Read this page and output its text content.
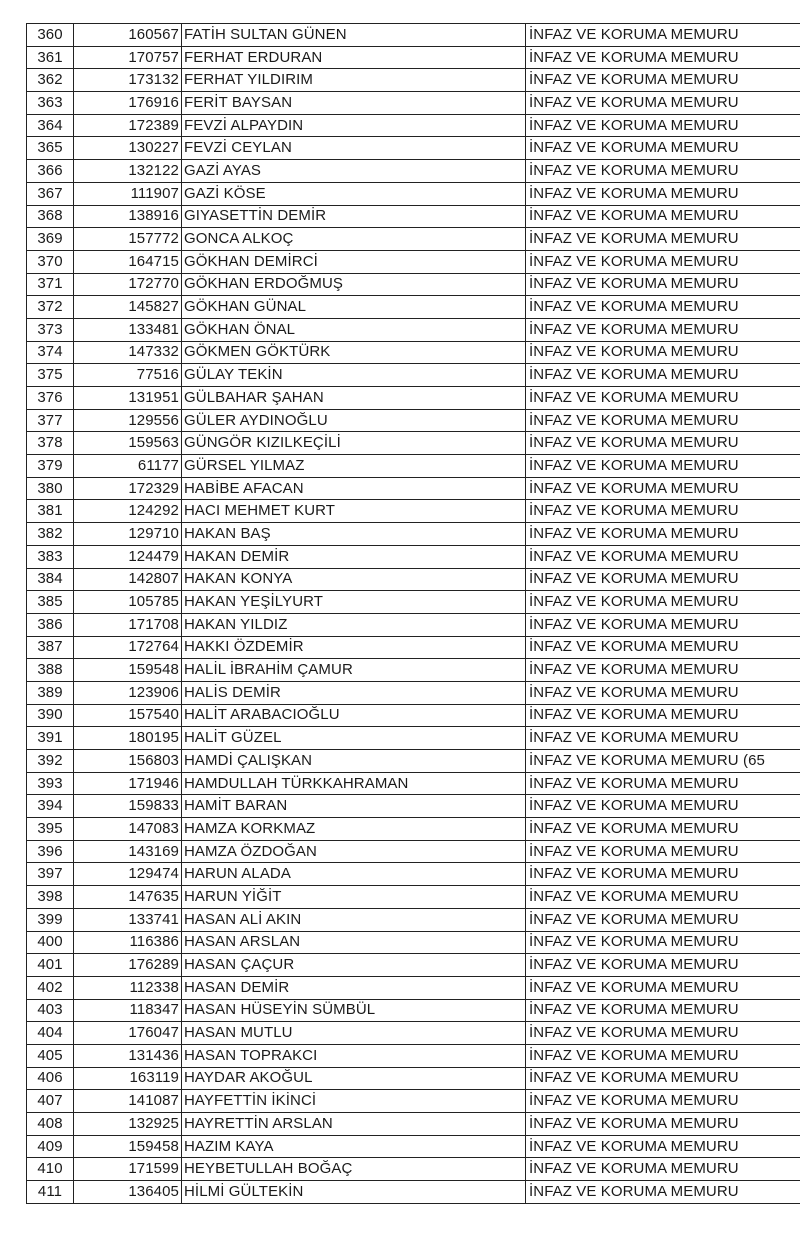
360	160567	FATİH SULTAN GÜNEN	İNFAZ VE KORUMA MEMURU
361	170757	FERHAT ERDURAN	İNFAZ VE KORUMA MEMURU
362	173132	FERHAT YILDIRIM	İNFAZ VE KORUMA MEMURU
363	176916	FERİT BAYSAN	İNFAZ VE KORUMA MEMURU
364	172389	FEVZİ ALPAYDIN	İNFAZ VE KORUMA MEMURU
365	130227	FEVZİ CEYLAN	İNFAZ VE KORUMA MEMURU
366	132122	GAZİ AYAS	İNFAZ VE KORUMA MEMURU
367	111907	GAZİ KÖSE	İNFAZ VE KORUMA MEMURU
368	138916	GIYASETTİN DEMİR	İNFAZ VE KORUMA MEMURU
369	157772	GONCA ALKOÇ	İNFAZ VE KORUMA MEMURU
370	164715	GÖKHAN DEMİRCİ	İNFAZ VE KORUMA MEMURU
371	172770	GÖKHAN ERDOĞMUŞ	İNFAZ VE KORUMA MEMURU
372	145827	GÖKHAN GÜNAL	İNFAZ VE KORUMA MEMURU
373	133481	GÖKHAN ÖNAL	İNFAZ VE KORUMA MEMURU
374	147332	GÖKMEN GÖKTÜRK	İNFAZ VE KORUMA MEMURU
375	77516	GÜLAY TEKİN	İNFAZ VE KORUMA MEMURU
376	131951	GÜLBAHAR ŞAHAN	İNFAZ VE KORUMA MEMURU
377	129556	GÜLER AYDINOĞLU	İNFAZ VE KORUMA MEMURU
378	159563	GÜNGÖR KIZILKEÇİLİ	İNFAZ VE KORUMA MEMURU
379	61177	GÜRSEL YILMAZ	İNFAZ VE KORUMA MEMURU
380	172329	HABİBE AFACAN	İNFAZ VE KORUMA MEMURU
381	124292	HACI MEHMET KURT	İNFAZ VE KORUMA MEMURU
382	129710	HAKAN BAŞ	İNFAZ VE KORUMA MEMURU
383	124479	HAKAN DEMİR	İNFAZ VE KORUMA MEMURU
384	142807	HAKAN KONYA	İNFAZ VE KORUMA MEMURU
385	105785	HAKAN YEŞİLYURT	İNFAZ VE KORUMA MEMURU
386	171708	HAKAN YILDIZ	İNFAZ VE KORUMA MEMURU
387	172764	HAKKI ÖZDEMİR	İNFAZ VE KORUMA MEMURU
388	159548	HALİL İBRAHİM ÇAMUR	İNFAZ VE KORUMA MEMURU
389	123906	HALİS DEMİR	İNFAZ VE KORUMA MEMURU
390	157540	HALİT ARABACIOĞLU	İNFAZ VE KORUMA MEMURU
391	180195	HALİT GÜZEL	İNFAZ VE KORUMA MEMURU
392	156803	HAMDİ ÇALIŞKAN	İNFAZ VE KORUMA MEMURU (65
393	171946	HAMDULLAH TÜRKKAHRAMAN	İNFAZ VE KORUMA MEMURU
394	159833	HAMİT BARAN	İNFAZ VE KORUMA MEMURU
395	147083	HAMZA KORKMAZ	İNFAZ VE KORUMA MEMURU
396	143169	HAMZA ÖZDOĞAN	İNFAZ VE KORUMA MEMURU
397	129474	HARUN ALADA	İNFAZ VE KORUMA MEMURU
398	147635	HARUN YİĞİT	İNFAZ VE KORUMA MEMURU
399	133741	HASAN ALİ AKIN	İNFAZ VE KORUMA MEMURU
400	116386	HASAN ARSLAN	İNFAZ VE KORUMA MEMURU
401	176289	HASAN ÇAÇUR	İNFAZ VE KORUMA MEMURU
402	112338	HASAN DEMİR	İNFAZ VE KORUMA MEMURU
403	118347	HASAN HÜSEYİN SÜMBÜL	İNFAZ VE KORUMA MEMURU
404	176047	HASAN MUTLU	İNFAZ VE KORUMA MEMURU
405	131436	HASAN TOPRAKCI	İNFAZ VE KORUMA MEMURU
406	163119	HAYDAR AKOĞUL	İNFAZ VE KORUMA MEMURU
407	141087	HAYFETTİN İKİNCİ	İNFAZ VE KORUMA MEMURU
408	132925	HAYRETTİN ARSLAN	İNFAZ VE KORUMA MEMURU
409	159458	HAZIM KAYA	İNFAZ VE KORUMA MEMURU
410	171599	HEYBETULLAH BOĞAÇ	İNFAZ VE KORUMA MEMURU
411	136405	HİLMİ GÜLTEKİN	İNFAZ VE KORUMA MEMURU
